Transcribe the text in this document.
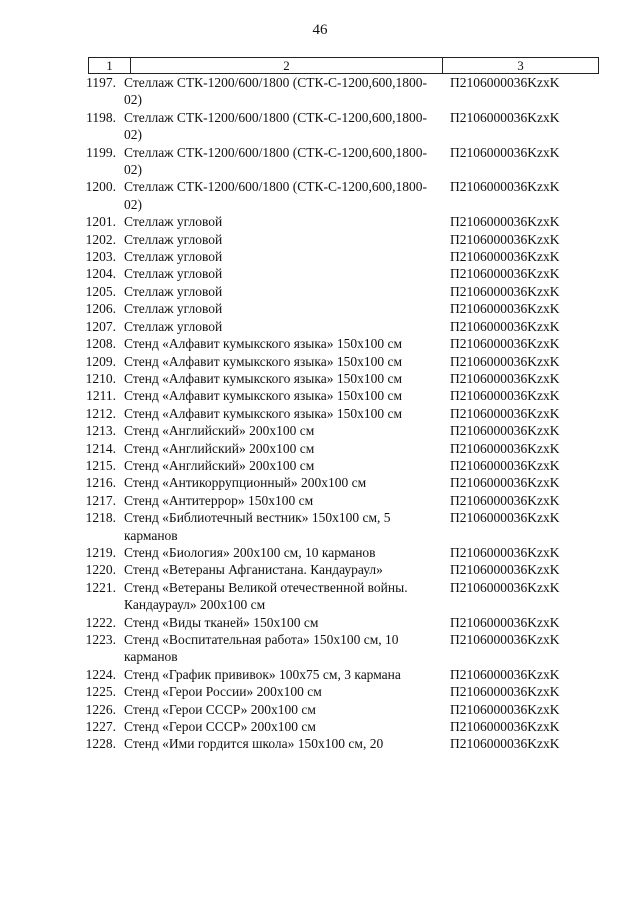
46
1	2	3
1197. Стеллаж СТК-1200/600/1800 (СТК-С-1200,600,1800-02)
П2106000036KzxK
1198. Стеллаж СТК-1200/600/1800 (СТК-С-1200,600,1800-02)
П2106000036KzxK
1199. Стеллаж СТК-1200/600/1800 (СТК-С-1200,600,1800-02)
П2106000036KzxK
1200. Стеллаж СТК-1200/600/1800 (СТК-С-1200,600,1800-02)
П2106000036KzxK
1201. Стеллаж угловой	П2106000036KzxK
1202. Стеллаж угловой	П2106000036KzxK
1203. Стеллаж угловой	П2106000036KzxK
1204. Стеллаж угловой	П2106000036KzxK
1205. Стеллаж угловой	П2106000036KzxK
1206. Стеллаж угловой	П2106000036KzxK
1207. Стеллаж угловой	П2106000036KzxK
1208. Стенд «Алфавит кумыкского языка» 150x100 см	П2106000036KzxK
1209. Стенд «Алфавит кумыкского языка» 150x100 см	П2106000036KzxK
1210. Стенд «Алфавит кумыкского языка» 150x100 см	П2106000036KzxK
1211. Стенд «Алфавит кумыкского языка» 150x100 см	П2106000036KzxK
1212. Стенд «Алфавит кумыкского языка» 150x100 см	П2106000036KzxK
1213. Стенд «Английский» 200x100 см	П2106000036KzxK
1214. Стенд «Английский» 200x100 см	П2106000036KzxK
1215. Стенд «Английский» 200x100 см	П2106000036KzxK
1216. Стенд «Антикоррупционный» 200x100 см	П2106000036KzxK
1217. Стенд «Антитеррор» 150x100 см	П2106000036KzxK
1218. Стенд «Библиотечный вестник» 150x100 см, 5 карманов
П2106000036KzxK
1219. Стенд «Биология» 200x100 см, 10 карманов	П2106000036KzxK
1220. Стенд «Ветераны Афганистана. Кандаураул»	П2106000036KzxK
1221. Стенд «Ветераны Великой отечественной войны. Кандаураул» 200x100 см
П2106000036KzxK
1222. Стенд «Виды тканей» 150x100 см	П2106000036KzxK
1223. Стенд «Воспитательная работа» 150x100 см, 10 карманов
П2106000036KzxK
1224. Стенд «График прививок» 100x75 см, 3 кармана	П2106000036KzxK
1225. Стенд «Герои России» 200x100 см	П2106000036KzxK
1226. Стенд «Герои СССР» 200x100 см	П2106000036KzxK
1227. Стенд «Герои СССР» 200x100 см	П2106000036KzxK
1228. Стенд «Ими гордится школа» 150x100 см, 20	П2106000036KzxK
